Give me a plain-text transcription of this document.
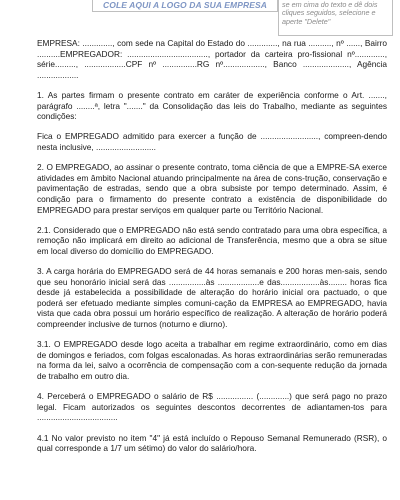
COLE AQUI A LOGO DA SUA EMPRESA	se em cima do texto e dê dois cliques seguidos, selecione e aperte "Delete"

EMPRESA: ............., com sede na Capital do Estado do ............., na rua .........., nº ......, Bairro ..........EMPREGADOR: ..................................., portador da carteira pro-fissional nº............., série........., ..................CPF nº ...............RG nº.................., Banco ...................., Agência ..................

1. As partes firmam o presente contrato em caráter de experiência conforme o Art. ......., parágrafo ........ª, letra "......." da Consolidação das leis do Trabalho, mediante as seguintes condições:

Fica o EMPREGADO admitido para exercer a função de ........................., compreen-dendo nesta inclusive, ..........................

2. O EMPREGADO, ao assinar o presente contrato, toma ciência de que a EMPRE-SA exerce atividades em âmbito Nacional atuando principalmente na área de cons-trução, conservação e pavimentação de estradas, sendo que a obra subsiste por tempo determinado. Assim, é condição para o firmamento do presente contrato a existência de disponibilidade do EMPREGADO para prestar serviços em qualquer parte ou Território Nacional.

2.1. Considerado que o EMPREGADO não está sendo contratado para uma obra específica, a remoção não implicará em direito ao adicional de Transferência, mesmo que a obra se situe em local diverso do domicílio do EMPREGADO.

3. A carga horária do EMPREGADO será de 44 horas semanais e 200 horas men-sais, sendo que seu honorário inicial será das ................às ..................e das.................às........ horas fica desde já estabelecida a possibilidade de alteração do horário inicial ora pactuado, o que poderá ser efetuado mediante simples comuni-cação da EMPRESA ao EMPREGADO, havia vista que cada obra possui um horário específico de realização. A alteração de horário poderá compreender inclusive de turnos (noturno e diurno).

3.1. O EMPREGADO desde logo aceita a trabalhar em regime extraordinário, como em dias de domingos e feriados, com folgas escalonadas. As horas extraordinárias serão remuneradas na forma da lei, salvo a ocorrência de compensação com a con-sequente redução da jornada de trabalho em outro dia.

4. Perceberá o EMPREGADO o salário de R$ ................ (.............) que será pago no prazo legal. Ficam autorizados os seguintes descontos decorrentes de adiantamen-tos para ...................................

4.1 No valor previsto no item "4" já está incluído o Repouso Semanal Remunerado (RSR), o qual corresponde a 1/7 um sétimo) do valor do salário/hora.
